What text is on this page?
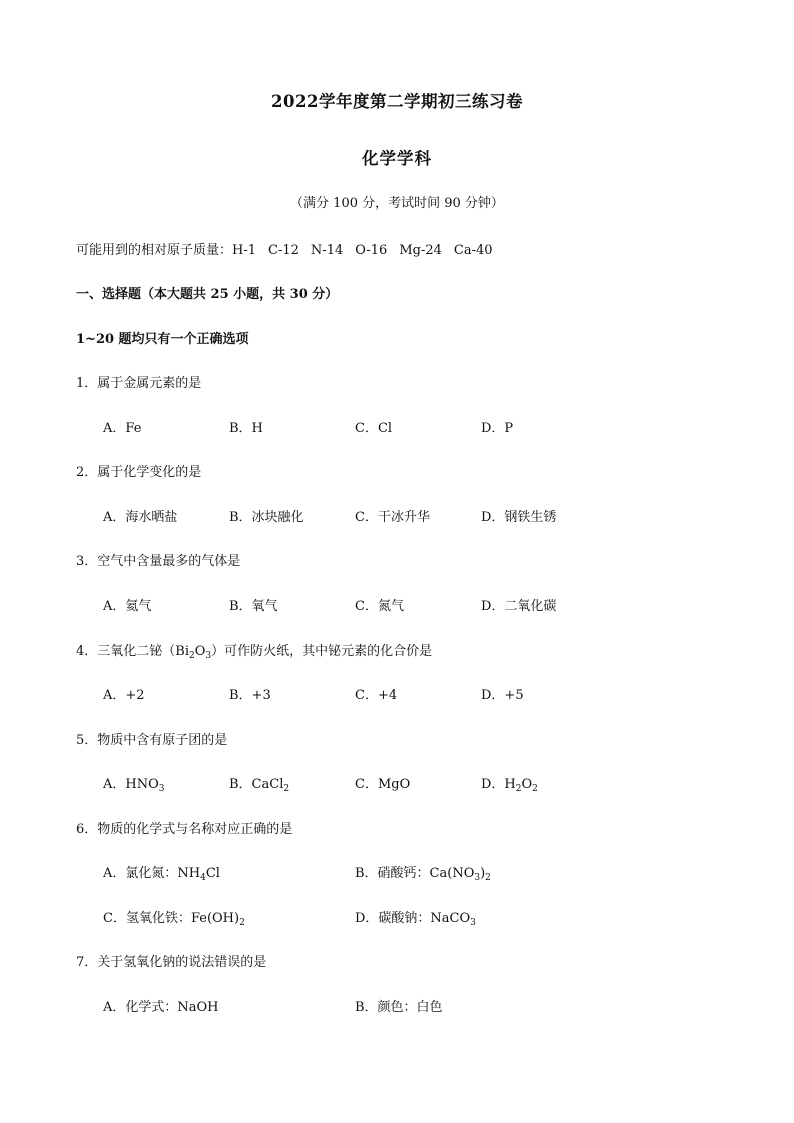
2022学年度第二学期初三练习卷
化学学科
（满分 100 分，考试时间 90 分钟）
可能用到的相对原子质量：H-1 C-12 N-14 O-16 Mg-24 Ca-40
一、选择题（本大题共 25 小题，共 30 分）
1~20 题均只有一个正确选项
1．属于金属元素的是
A．Fe	B．H	C．Cl	D．P
2．属于化学变化的是
A．海水晒盐	B．冰块融化	C．干冰升华	D．钢铁生锈
3．空气中含量最多的气体是
A．氦气	B．氧气	C．氮气	D．二氧化碳
4．三氧化二铋$(Bi_2O_3)$可作防火纸，其中铋元素的化合价是
A．+2	B．+3	C．+4	D．+5
5．物质中含有原子团的是
A．$HNO_3$	B．CaCl$_2$	C．MgO	D．$H_2O_2$
6．物质的化学式与名称对应正确的是
A．氯化氮：$NH_4Cl$	B．硝酸钙：$Ca(NO_3)_2$
C．氢氧化铁：$Fe(OH)_2$	D．碳酸钠：NaCO$_3$
7．关于氢氧化钠的说法错误的是
A．化学式：NaOH	B．颜色：白色
